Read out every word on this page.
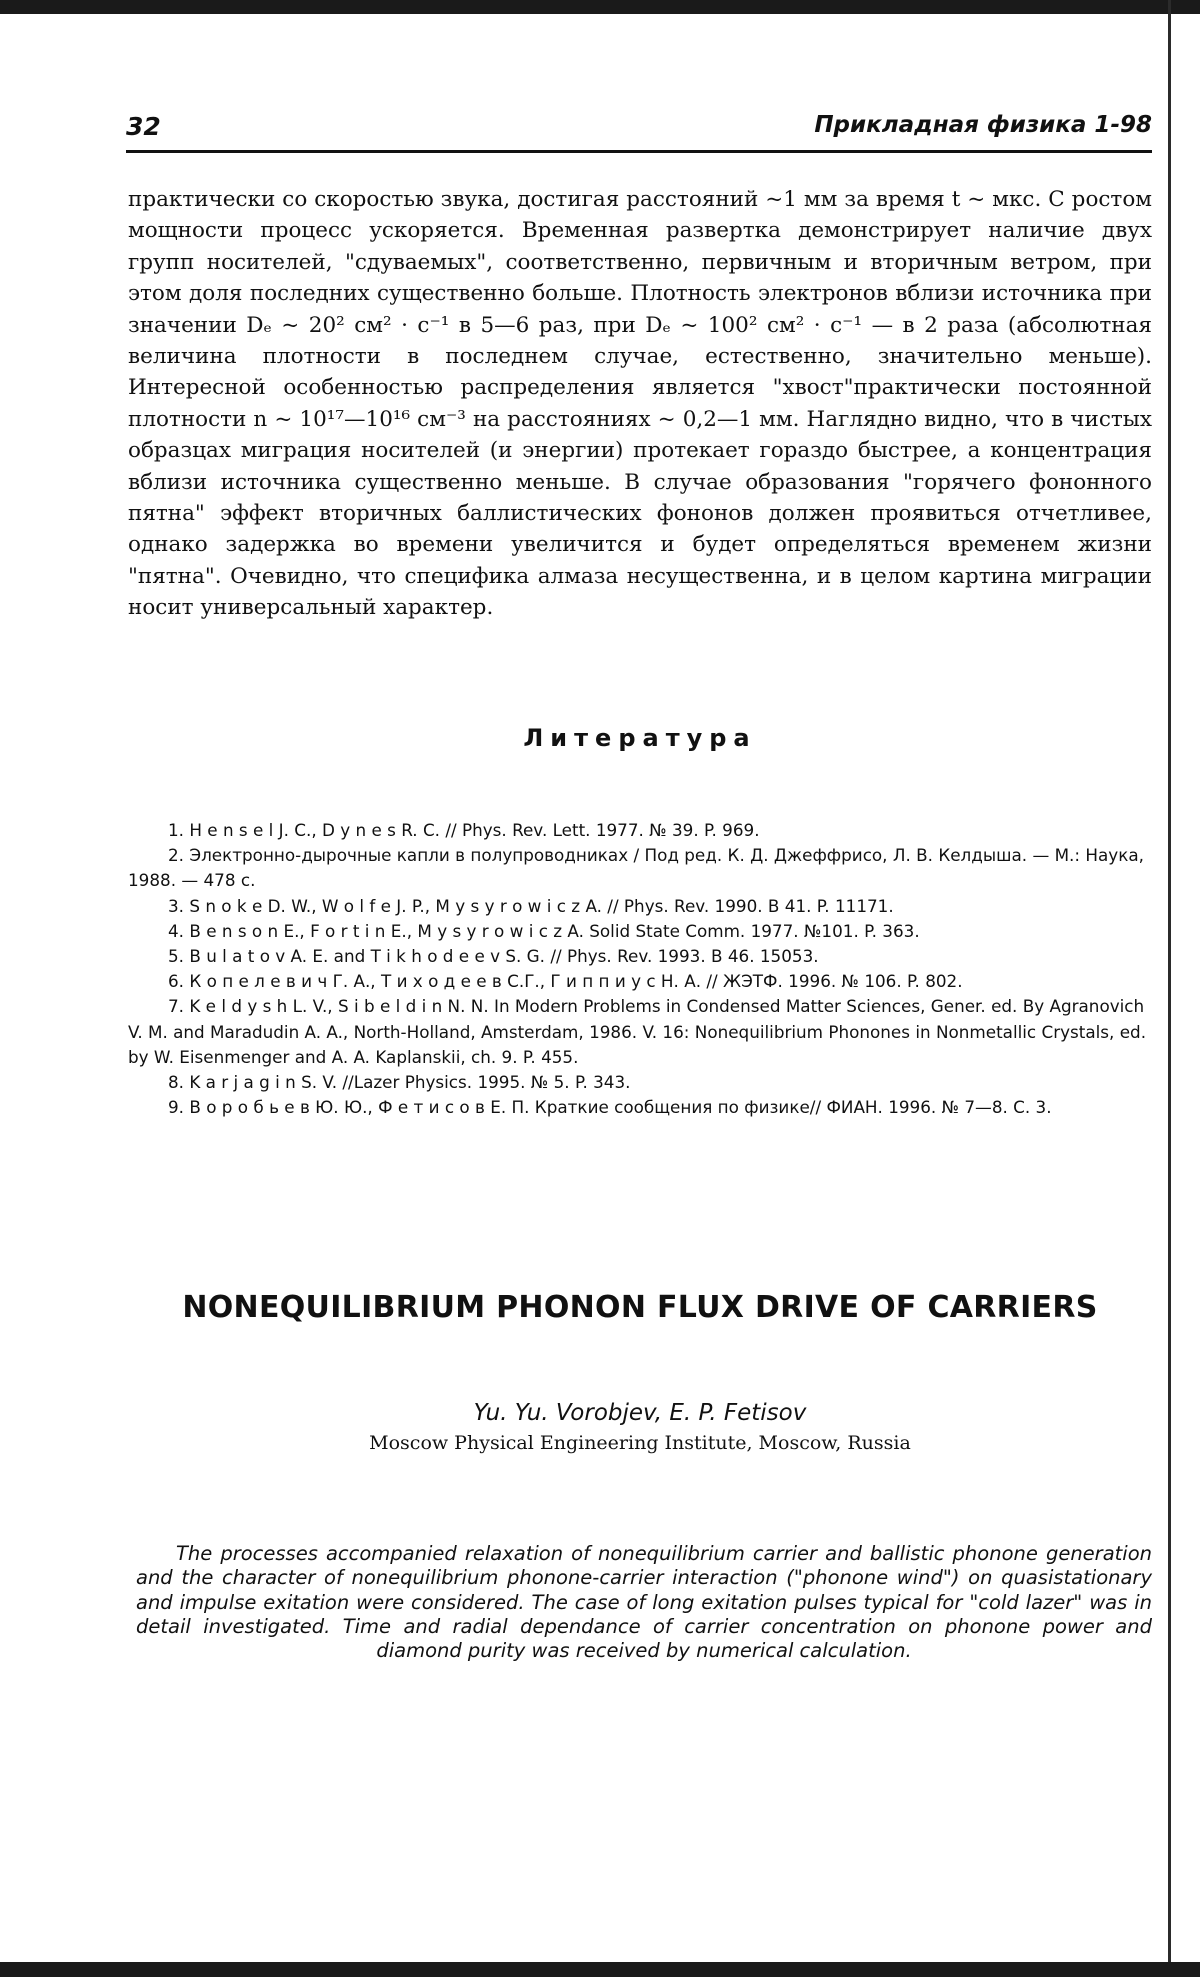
32	Прикладная физика 1-98

практически со скоростью звука, достигая расстояний ~1 мм за время t ~ мкс. С ростом мощности процесс ускоряется. Временная развертка демонстрирует наличие двух групп носителей, "сдуваемых", соответственно, первичным и вторичным ветром, при этом доля последних существенно больше. Плотность электронов вблизи источника при значении Dₑ ~ 20² см² · с⁻¹ в 5—6 раз, при Dₑ ~ 100² см² · с⁻¹ — в 2 раза (абсолютная величина плотности в последнем случае, естественно, значительно меньше). Интересной особенностью распределения является "хвост"практически постоянной плотности n ~ 10¹⁷—10¹⁶ см⁻³ на расстояниях ~ 0,2—1 мм. Наглядно видно, что в чистых образцах миграция носителей (и энергии) протекает гораздо быстрее, а концентрация вблизи источника существенно меньше. В случае образования "горячего фононного пятна" эффект вторичных баллистических фононов должен проявиться отчетливее, однако задержка во времени увеличится и будет определяться временем жизни "пятна". Очевидно, что специфика алмаза несущественна, и в целом картина миграции носит универсальный характер.

Литература

1. H e n s e l J. C., D y n e s R. C. // Phys. Rev. Lett. 1977. № 39. P. 969.

2. Электронно-дырочные капли в полупроводниках / Под ред. К. Д. Джеффрисо, Л. В. Келдыша. — М.: Наука, 1988. — 478 с.

3. S n o k e D. W., W o l f e J. P., M y s y r o w i c z A. // Phys. Rev. 1990. B 41. P. 11171.

4. B e n s o n E., F o r t i n E., M y s y r o w i c z A. Solid State Comm. 1977. №101. P. 363.

5. B u l a t o v A. E. and T i k h o d e e v S. G. // Phys. Rev. 1993. B 46. 15053.

6. К о п е л е в и ч Г. А., Т и х о д е е в С.Г., Г и п п и у с Н. А. // ЖЭТФ. 1996. № 106. P. 802.

7. K e l d y s h L. V., S i b e l d i n N. N. In Modern Problems in Condensed Matter Sciences, Gener. ed. By Agranovich V. M. and Maradudin A. A., North-Holland, Amsterdam, 1986. V. 16: Nonequilibrium Phonones in Nonmetallic Crystals, ed. by W. Eisenmenger and A. A. Kaplanskii, ch. 9. P. 455.

8. K a r j a g i n S. V. //Lazer Physics. 1995. № 5. P. 343.

9. В о р о б ь е в Ю. Ю., Ф е т и с о в Е. П. Краткие сообщения по физике// ФИАН. 1996. № 7—8. С. 3.

NONEQUILIBRIUM PHONON FLUX DRIVE OF CARRIERS
Yu. Yu. Vorobjev, E. P. Fetisov
Moscow Physical Engineering Institute, Moscow, Russia
The processes accompanied relaxation of nonequilibrium carrier and ballistic phonone generation and the character of nonequilibrium phonone-carrier interaction ("phonone wind") on quasistationary and impulse exitation were considered. The case of long exitation pulses typical for "cold lazer" was in detail investigated. Time and radial dependance of carrier concentration on phonone power and diamond purity was received by numerical calculation.
